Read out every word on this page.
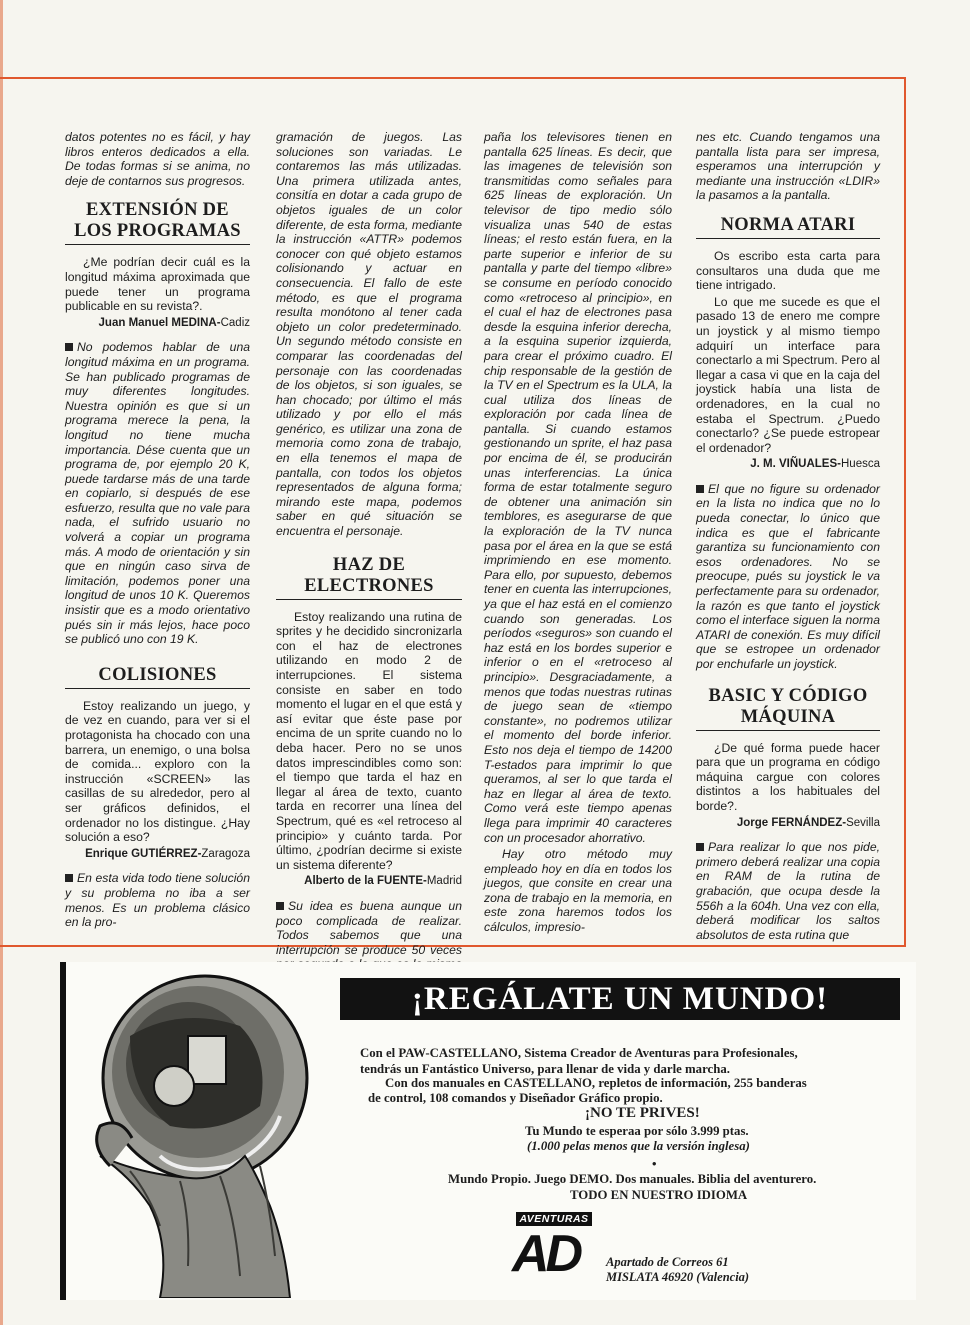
datos potentes no es fácil, y hay libros enteros dedicados a ella. De todas formas si se anima, no deje de contarnos sus progresos.

EXTENSIÓN DE LOS PROGRAMAS

¿Me podrían decir cuál es la longitud máxima aproximada que puede tener un programa publicable en su revista?.

Juan Manuel MEDINA-Cadiz

No podemos hablar de una longitud máxima en un programa. Se han publicado programas de muy diferentes longitudes. Nuestra opinión es que si un programa merece la pena, la longitud no tiene mucha importancia. Dése cuenta que un programa de, por ejemplo 20 K, puede tardarse más de una tarde en copiarlo, si después de ese esfuerzo, resulta que no vale para nada, el sufrido usuario no volverá a copiar un programa más. A modo de orientación y sin que en ningún caso sirva de limitación, podemos poner una longitud de unos 10 K. Queremos insistir que es a modo orientativo pués sin ir más lejos, hace poco se publicó uno con 19 K.

COLISIONES

Estoy realizando un juego, y de vez en cuando, para ver si el protagonista ha chocado con una barrera, un enemigo, o una bolsa de comida... exploro con la instrucción «SCREEN» las casillas de su alrededor, pero al ser gráficos definidos, el ordenador no los distingue. ¿Hay solución a eso?

Enrique GUTIÉRREZ-Zaragoza

En esta vida todo tiene solución y su problema no iba a ser menos. Es un problema clásico en la pro-

gramación de juegos. Las soluciones son variadas. Le contaremos las más utilizadas. Una primera utilizada antes, consitía en dotar a cada grupo de objetos iguales de un color diferente, de esta forma, mediante la instrucción «ATTR» podemos conocer con qué objeto estamos colisionando y actuar en consecuencia. El fallo de este método, es que el programa resulta monótono al tener cada objeto un color predeterminado. Un segundo método consiste en comparar las coordenadas del personaje con las coordenadas de los objetos, si son iguales, se han chocado; por último el más utilizado y por ello el más genérico, es utilizar una zona de memoria como zona de trabajo, en ella tenemos el mapa de pantalla, con todos los objetos representados de alguna forma; mirando este mapa, podemos saber en qué situación se encuentra el personaje.

HAZ DE ELECTRONES

Estoy realizando una rutina de sprites y he decidido sincronizarla con el haz de electrones utilizando en modo 2 de interrupciones. El sistema consiste en saber en todo momento el lugar en el que está y así evitar que éste pase por encima de un sprite cuando no lo deba hacer. Pero no se unos datos imprescindibles como son: el tiempo que tarda el haz en llegar al área de texto, cuanto tarda en recorrer una línea del Spectrum, qué es «el retroceso al principio» y cuánto tarda. Por último, ¿podrían decirme si existe un sistema diferente?

Alberto de la FUENTE-Madrid

Su idea es buena aunque un poco complicada de realizar. Todos sabemos que una interrupción se produce 50 veces

paña los televisores tienen en pantalla 625 líneas. Es decir, que las imagenes de televisión son transmitidas como señales para 625 líneas de exploración. Un televisor de tipo medio sólo visualiza unas 540 de estas líneas; el resto están fuera, en la parte superior e inferior de su pantalla y parte del tiempo «libre» se consume en período conocido como «retroceso al principio», en el cual el haz de electrones pasa desde la esquina inferior derecha, a la esquina superior izquierda, para crear el próximo cuadro. El chip responsable de la gestión de la TV en el Spectrum es la ULA, la cual utiliza dos líneas de exploración por cada línea de pantalla. Si cuando estamos gestionando un sprite, el haz pasa por encima de él, se producirán unas interferencias. La única forma de estar totalmente seguro de obtener una animación sin temblores, es asegurarse de que la exploración de la TV nunca pasa por el área en la que se está imprimiendo en ese momento. Para ello, por supuesto, debemos tener en cuenta las interrupciones, ya que el haz está en el comienzo cuando son generadas. Los períodos «seguros» son cuando el haz está en los bordes superior e inferior o en el «retroceso al principio». Desgraciadamente, a menos que todas nuestras rutinas de juego sean de «tiempo constante», no podremos utilizar el momento del borde inferior. Esto nos deja el tiempo de 14200 T-estados para imprimir lo que queramos, al ser lo que tarda el haz en llegar al área de texto. Como verá este tiempo apenas llega para imprimir 40 caracteres con un procesador ahorrativo.

Hay otro método muy empleado hoy en día en todos los juegos, que consite en crear una zona de trabajo en la memoria, en este zona haremos todos los cálculos, impresio-

nes etc. Cuando tengamos una pantalla lista para ser impresa, esperamos una interrupción y mediante una instrucción «LDIR» la pasamos a la pantalla.

NORMA ATARI

Os escribo esta carta para consultaros una duda que me tiene intrigado.

Lo que me sucede es que el pasado 13 de enero me compre un joystick y al mismo tiempo adquirí un interface para conectarlo a mi Spectrum. Pero al llegar a casa vi que en la caja del joystick había una lista de ordenadores, en la cual no estaba el Spectrum. ¿Puedo conectarlo? ¿Se puede estropear el ordenador?

J. M. VIÑUALES-Huesca

El que no figure su ordenador en la lista no indica que no lo pueda conectar, lo único que indica es que el fabricante garantiza su funcionamiento con esos ordenadores. No se preocupe, pués su joystick le va perfectamente para su ordenador, la razón es que tanto el joystick como el interface siguen la norma ATARI de conexión. Es muy difícil que se estropee un ordenador por enchufarle un joystick.

BASIC Y CÓDIGO MÁQUINA

¿De qué forma puede hacer para que un programa en código máquina cargue con colores distintos a los habituales del borde?.

Jorge FERNÁNDEZ-Sevilla

Para realizar lo que nos pide, primero deberá realizar una copia en RAM de la rutina de grabación, que ocupa desde la 556h a la 604h. Una vez con ella, deberá modificar los saltos absolutos de esta rutina que

¡REGÁLATE UN MUNDO!
Con el PAW-CASTELLANO, Sistema Creador de Aventuras para Profesionales,
tendrás un Fantástico Universo, para llenar de vida y darle marcha.
Con dos manuales en CASTELLANO, repletos de información, 255 banderas
de control, 108 comandos y Diseñador Gráfico propio.
¡NO TE PRIVES!
Tu Mundo te esperaa por sólo 3.999 ptas.
(1.000 pelas menos que la versión inglesa)
•
Mundo Propio. Juego DEMO. Dos manuales. Biblia del aventurero.
TODO EN NUESTRO IDIOMA
AVENTURAS
AD Apartado de Correos 61
MISLATA 46920 (Valencia)
